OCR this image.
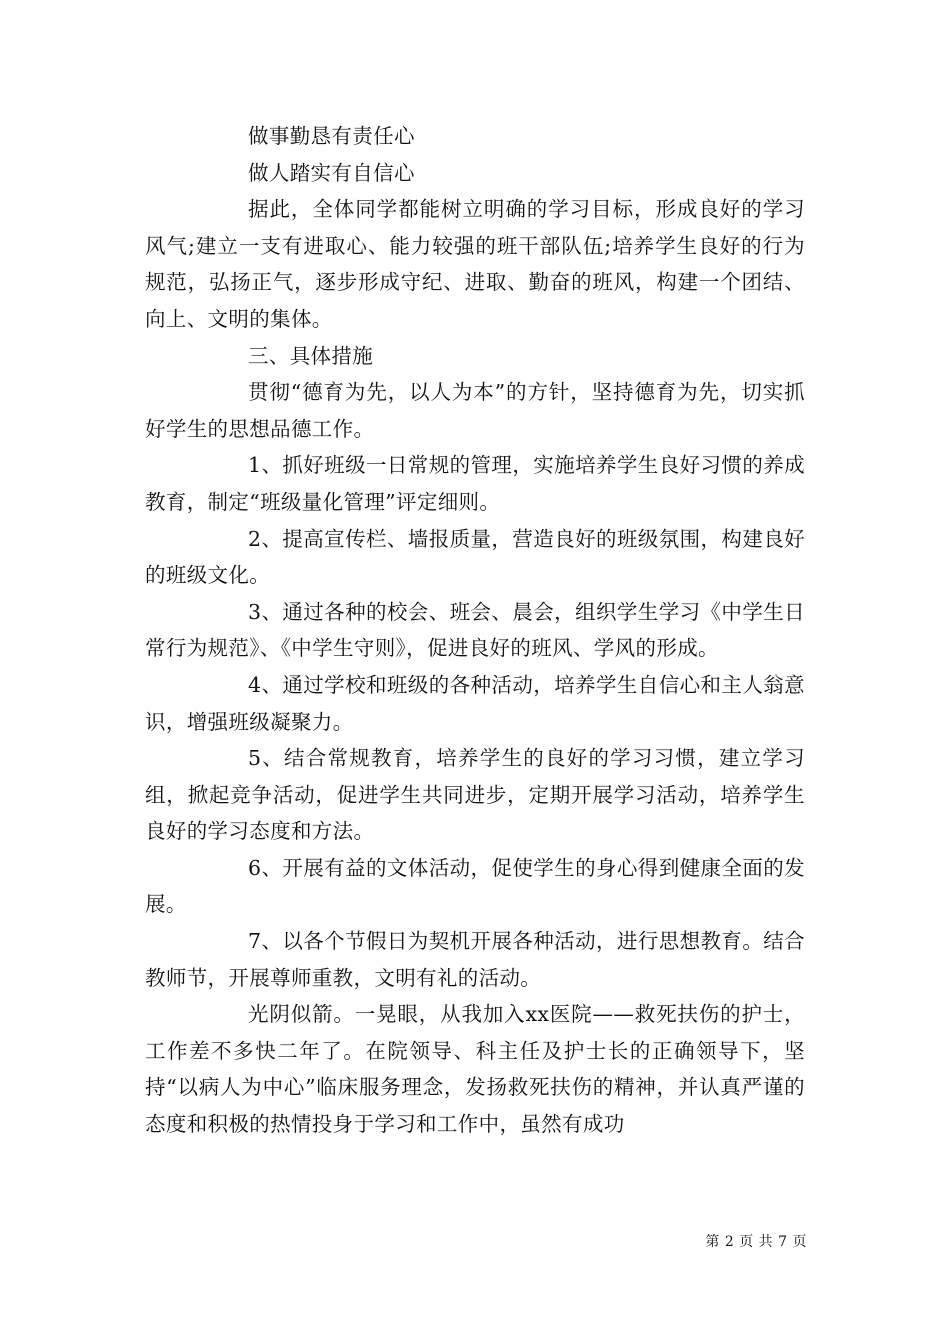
做事勤恳有责任心

做人踏实有自信心

据此，全体同学都能树立明确的学习目标，形成良好的学习风气;建立一支有进取心、能力较强的班干部队伍;培养学生良好的行为规范，弘扬正气，逐步形成守纪、进取、勤奋的班风，构建一个团结、向上、文明的集体。

三、具体措施

贯彻“德育为先，以人为本”的方针，坚持德育为先，切实抓好学生的思想品德工作。

1、抓好班级一日常规的管理，实施培养学生良好习惯的养成教育，制定“班级量化管理”评定细则。

2、提高宣传栏、墙报质量，营造良好的班级氛围，构建良好的班级文化。

3、通过各种的校会、班会、晨会，组织学生学习《中学生日常行为规范》、《中学生守则》，促进良好的班风、学风的形成。

4、通过学校和班级的各种活动，培养学生自信心和主人翁意识，增强班级凝聚力。

5、结合常规教育，培养学生的良好的学习习惯，建立学习组，掀起竞争活动，促进学生共同进步，定期开展学习活动，培养学生良好的学习态度和方法。

6、开展有益的文体活动，促使学生的身心得到健康全面的发展。

7、以各个节假日为契机开展各种活动，进行思想教育。结合教师节，开展尊师重教，文明有礼的活动。

光阴似箭。一晃眼，从我加入xx医院——救死扶伤的护士，工作差不多快二年了。在院领导、科主任及护士长的正确领导下，坚持“以病人为中心”临床服务理念，发扬救死扶伤的精神，并认真严谨的态度和积极的热情投身于学习和工作中，虽然有成功

第 2 页 共 7 页
